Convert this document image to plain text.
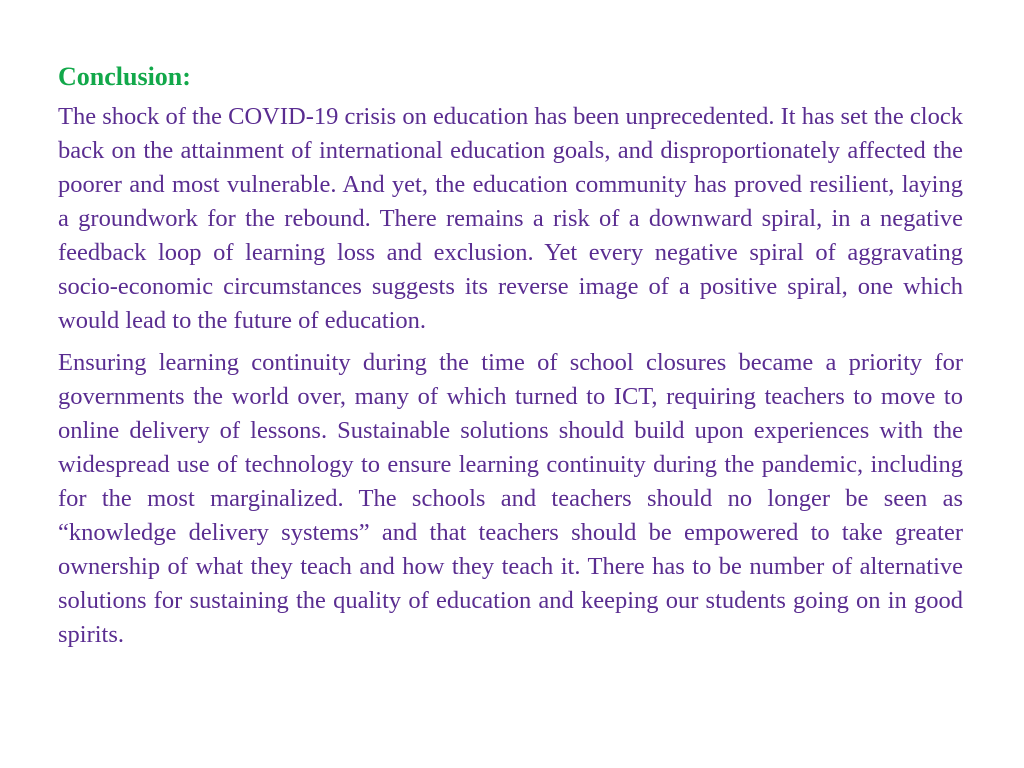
Conclusion:

The shock of the COVID-19 crisis on education has been unprecedented. It has set the clock back on the attainment of international education goals, and disproportionately affected the poorer and most vulnerable. And yet, the education community has proved resilient, laying a groundwork for the rebound. There remains a risk of a downward spiral, in a negative feedback loop of learning loss and exclusion. Yet every negative spiral of aggravating socio-economic circumstances suggests its reverse image of a positive spiral, one which would lead to the future of education.

Ensuring learning continuity during the time of school closures became a priority for governments the world over, many of which turned to ICT, requiring teachers to move to online delivery of lessons. Sustainable solutions should build upon experiences with the widespread use of technology to ensure learning continuity during the pandemic, including for the most marginalized. The schools and teachers should no longer be seen as “knowledge delivery systems” and that teachers should be empowered to take greater ownership of what they teach and how they teach it. There has to be number of alternative solutions for sustaining the quality of education and keeping our students going on in good spirits.
